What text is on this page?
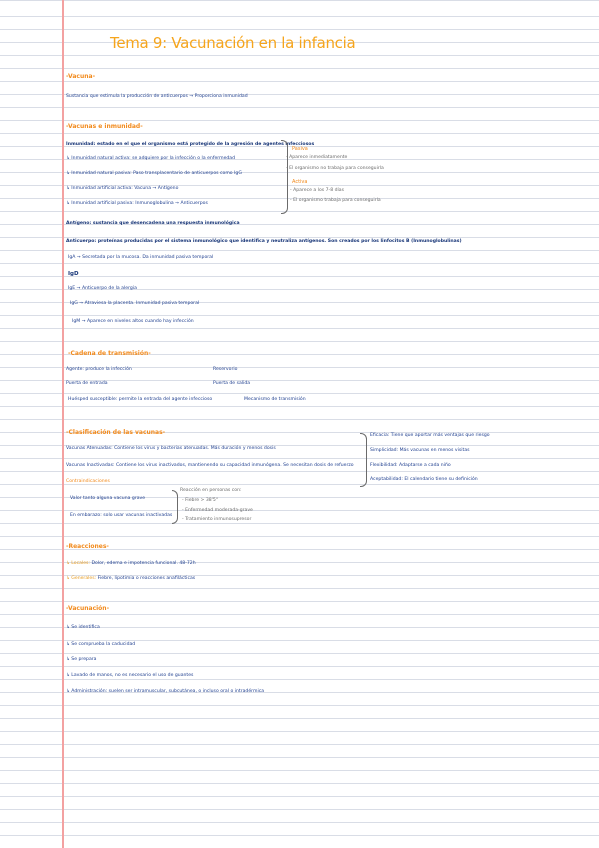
Tema 9: Vacunación en la infancia
-Vacuna-
Sustancia que estimula la producción de anticuerpos → Proporciona inmunidad
-Vacunas e inmunidad-
Inmunidad: estado en el que el organismo está protegido de la agresión de agentes infecciosos
↳ Inmunidad natural activa: se adquiere por la infección o la enfermedad
↳ Inmunidad natural pasiva: Paso transplacentario de anticuerpos como IgG
↳ Inmunidad artificial activa: Vacuna → Antígeno
↳ Inmunidad artificial pasiva: Inmunoglobulina → Anticuerpos
Antígeno: sustancia que desencadena una respuesta inmunológica
Anticuerpo: proteínas producidas por el sistema inmunológico que identifica y neutraliza antígenos. Son creados por los linfocitos B (Inmunoglobulinas)
Pasiva
- Aparece inmediatamente
- El organismo no trabaja para conseguirla
Activa
- Aparece a los 7-8 días
- El organismo trabaja para conseguirla
IgA → Secretada por la mucosa. Da inmunidad pasiva temporal
IgD
IgE → Anticuerpo de la alergia
IgG → Atraviesa la placenta. Inmunidad pasiva temporal
IgM → Aparece en niveles altos cuando hay infección
-Cadena de transmisión-
Agente: produce la infección	Reservorio
Puerta de entrada	Puerta de salida
Huésped susceptible: permite la entrada del agente infeccioso	Mecanismo de transmisión
-Clasificación de las vacunas-
Vacunas Atenuadas: Contiene los virus y bacterias atenuadas. Más duración y menos dosis
Vacunas Inactivadas: Contiene los virus inactivados, mantienendo su capacidad inmunógena. Se necesitan dosis de refuerzo
Contraindicaciones
Valor tanto alguna vacuna grave
En embarazo: solo usar vacunas inactivadas
Reacción en personas con:
- Fiebre > 38'5°
- Enfermedad moderada-grave
- Tratamiento inmunosupresor
Eficacia: Tiene que aportar más ventajas que riesgo
Simplicidad: Más vacunas en menos visitas
Flexibilidad: Adaptarse a cada niño
Aceptabilidad: El calendario tiene su definición
-Reacciones-
↳ Locales: Dolor, edema e impotencia funcional. 48-72h
↳ Generales: Fiebre, lipotimia o reacciones anafilácticas
-Vacunación-
↳ Se identifica
↳ Se comprueba la caducidad
↳ Se prepara
↳ Lavado de manos, no es necesario el uso de guantes
↳ Administración: suelen ser intramuscular, subcutánea, o incluso oral o intradérmica
